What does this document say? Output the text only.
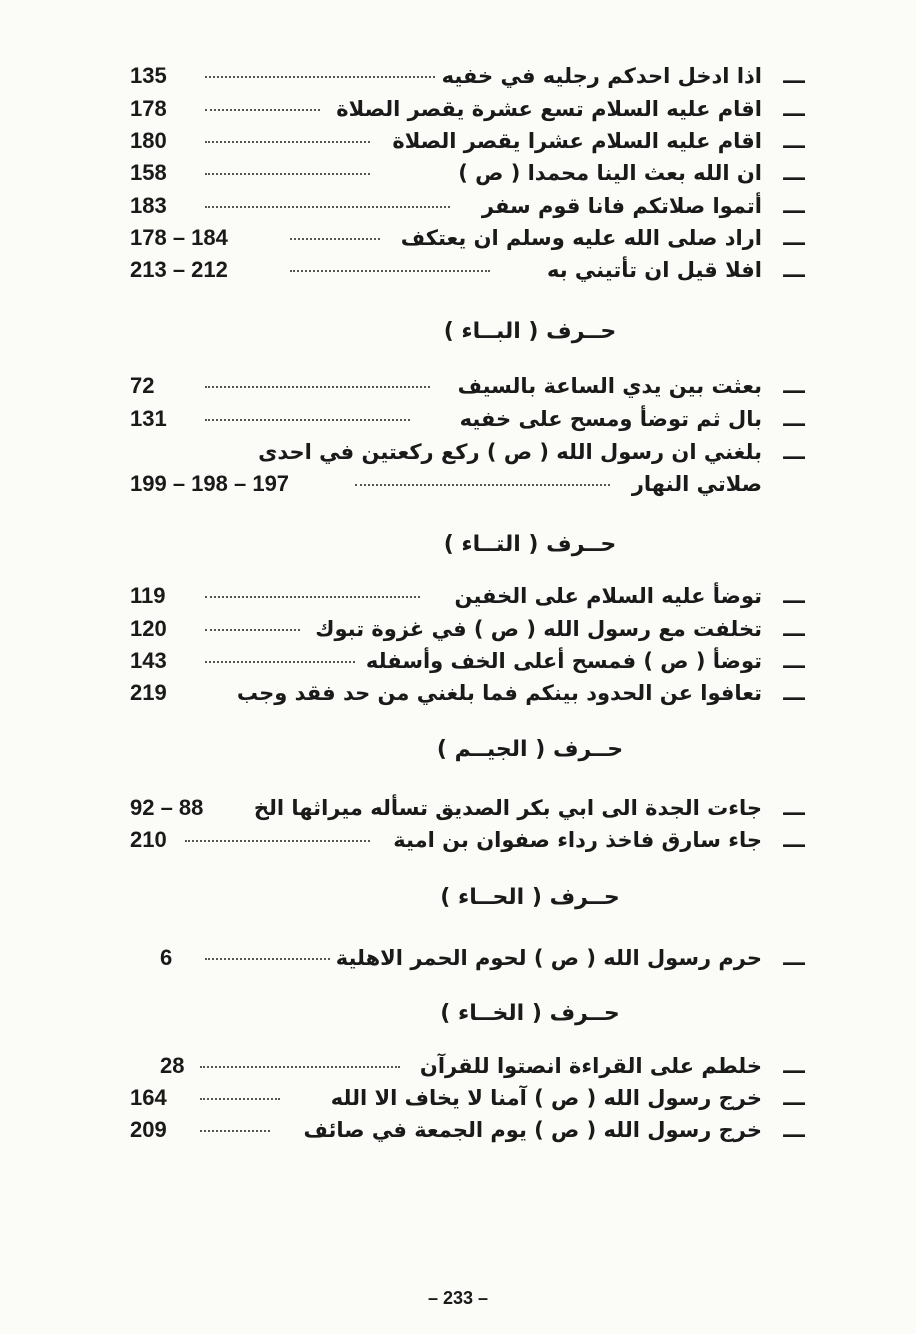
ـــ
اذا ادخل احدكم رجليه في خفيه
135
ـــ
اقام عليه السلام تسع عشرة يقصر الصلاة
178
ـــ
اقام عليه السلام عشرا يقصر الصلاة
180
ـــ
ان الله بعث الينا محمدا ( ص )
158
ـــ
أتموا صلاتكم فانا قوم سفر
183
ـــ
اراد صلى الله عليه وسلم ان يعتكف
178 – 184
ـــ
افلا قيل ان تأتيني به
213 – 212
حــرف ( البــاء )
ـــ
بعثت بين يدي الساعة بالسيف
72
ـــ
بال ثم توضأ ومسح على خفيه
131
ـــ
بلغني ان رسول الله ( ص ) ركع ركعتين في احدى
صلاتي النهار
199 – 198 – 197
حــرف ( التــاء )
ـــ
توضأ عليه السلام على الخفين
119
ـــ
تخلفت مع رسول الله ( ص ) في غزوة تبوك
120
ـــ
توضأ ( ص ) فمسح أعلى الخف وأسفله
143
ـــ
تعافوا عن الحدود بينكم فما بلغني من حد فقد وجب
219
حــرف ( الجيــم )
ـــ
جاءت الجدة الى ابي بكر الصديق تسأله ميراثها الخ
92 – 88
ـــ
جاء سارق فاخذ رداء صفوان بن امية
210
حــرف ( الحــاء )
ـــ
حرم رسول الله ( ص ) لحوم الحمر الاهلية
6
حــرف ( الخــاء )
ـــ
خلطم على القراءة انصتوا للقرآن
28
ـــ
خرج رسول الله ( ص ) آمنا لا يخاف الا الله
164
ـــ
خرج رسول الله ( ص ) يوم الجمعة في صائف
209
– 233 –
